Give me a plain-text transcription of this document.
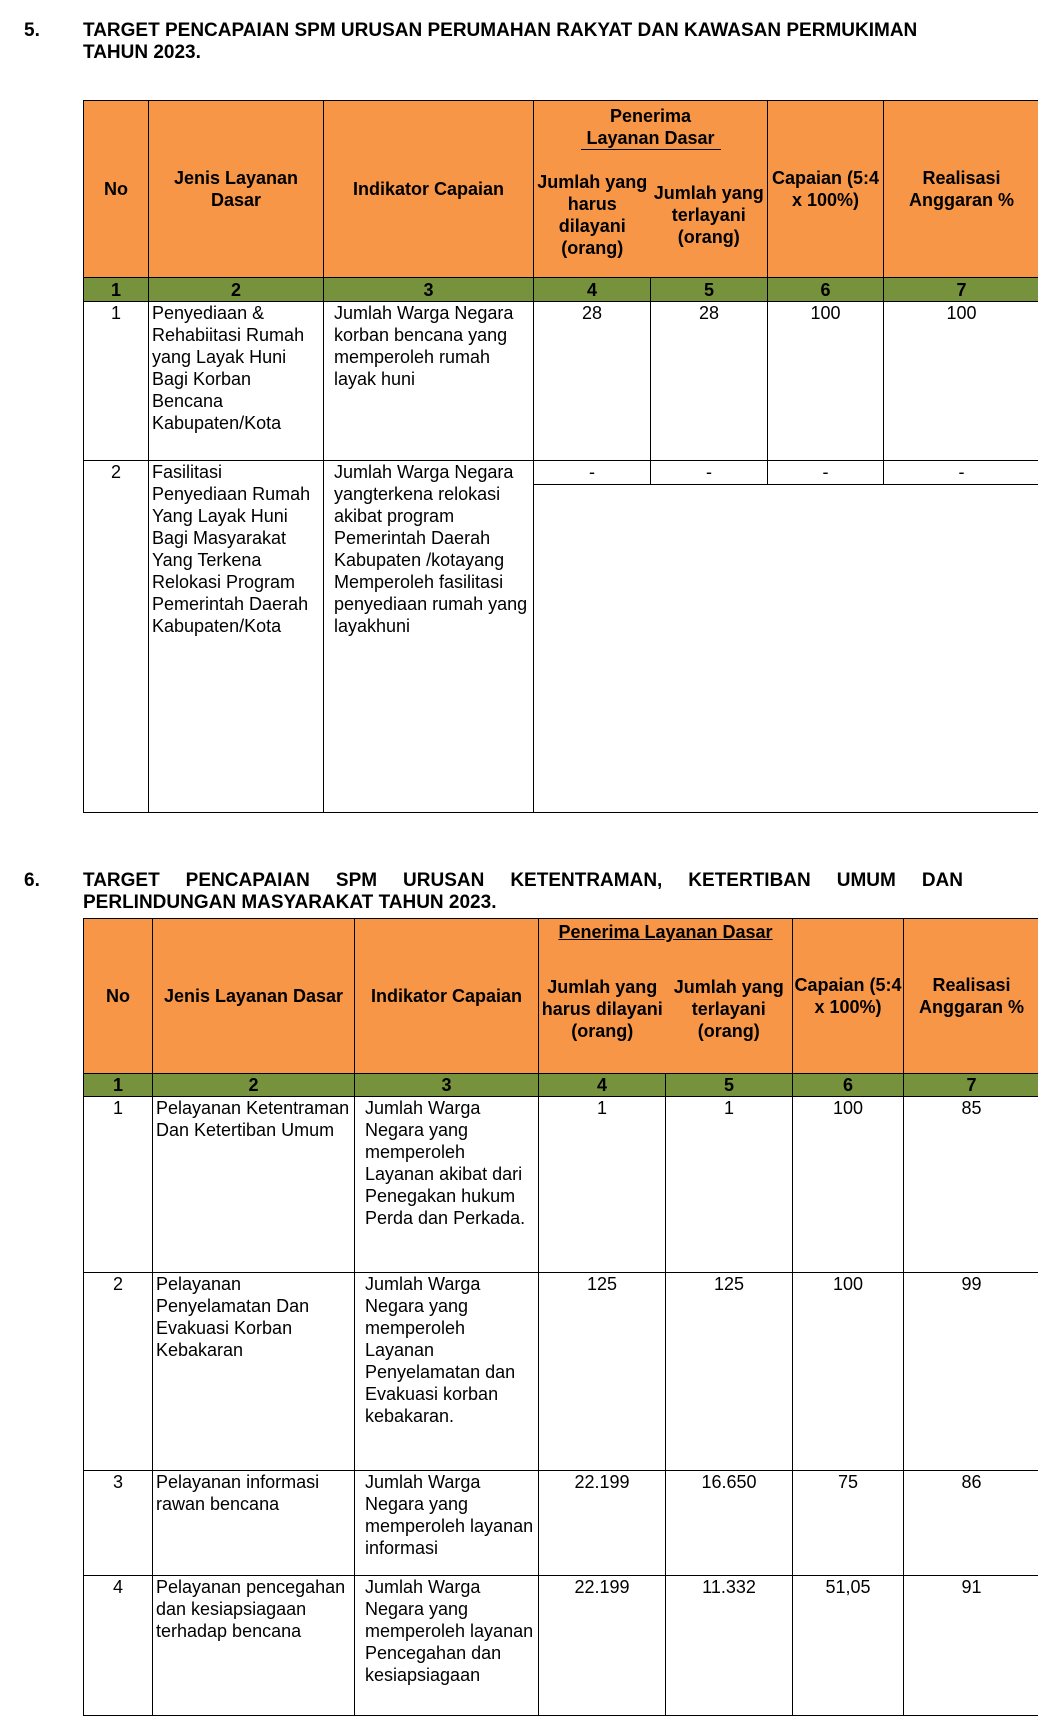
5. TARGET PENCAPAIAN SPM URUSAN PERUMAHAN RAKYAT DAN KAWASAN PERMUKIMAN
TAHUN 2023.
No	Jenis Layanan Dasar	Indikator Capaian	Penerima Layanan Dasar		Capaian (5:4 x 100%)	Realisasi Anggaran %
			Jumlah yang harus dilayani (orang)	Jumlah yang terlayani (orang)		
1	2	3	4	5	6	7
1	Penyediaan & Rehabiitasi Rumah yang Layak Huni Bagi Korban Bencana Kabupaten/Kota	Jumlah Warga Negara korban bencana yang memperoleh rumah layak huni	28	28	100	100
2	Fasilitasi Penyediaan Rumah Yang Layak Huni Bagi Masyarakat Yang Terkena Relokasi Program Pemerintah Daerah Kabupaten/Kota	Jumlah Warga Negara yangterkena relokasi akibat program Pemerintah Daerah Kabupaten /kotayang Memperoleh fasilitasi penyediaan rumah yang layakhuni	-	-	-	-

6. TARGET PENCAPAIAN SPM URUSAN KETENTRAMAN, KETERTIBAN UMUM DAN
PERLINDUNGAN MASYARAKAT TAHUN 2023.
No	Jenis Layanan Dasar	Indikator Capaian	Penerima Layanan Dasar		Capaian (5:4 x 100%)	Realisasi Anggaran %
			Jumlah yang harus dilayani (orang)	Jumlah yang terlayani (orang)		
1	2	3	4	5	6	7
1	Pelayanan Ketentraman Dan Ketertiban Umum	Jumlah Warga Negara yang memperoleh Layanan akibat dari Penegakan hukum Perda dan Perkada.	1	1	100	85
2	Pelayanan Penyelamatan Dan Evakuasi Korban Kebakaran	Jumlah Warga Negara yang memperoleh Layanan Penyelamatan dan Evakuasi korban kebakaran.	125	125	100	99
3	Pelayanan informasi rawan bencana	Jumlah Warga Negara yang memperoleh layanan informasi	22.199	16.650	75	86
4	Pelayanan pencegahan dan kesiapsiagaan terhadap bencana	Jumlah Warga Negara yang memperoleh layanan Pencegahan dan kesiapsiagaan	22.199	11.332	51,05	91
